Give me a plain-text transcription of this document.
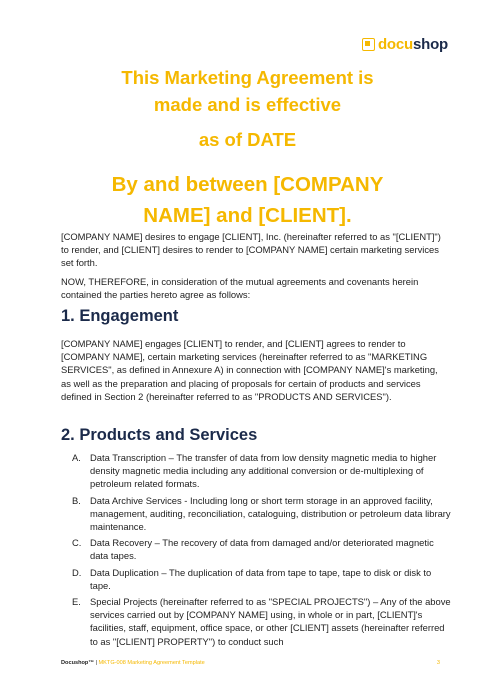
docushop
This Marketing Agreement is
made and is effective
as of DATE
By and between [COMPANY
NAME] and [CLIENT].

[COMPANY NAME] desires to engage [CLIENT], Inc. (hereinafter referred to as "[CLIENT]") to render, and [CLIENT] desires to render to [COMPANY NAME] certain marketing services set forth.

NOW, THEREFORE, in consideration of the mutual agreements and covenants herein contained the parties hereto agree as follows:

1. Engagement

[COMPANY NAME] engages [CLIENT] to render, and [CLIENT] agrees to render to [COMPANY NAME], certain marketing services (hereinafter referred to as "MARKETING SERVICES", as defined in Annexure A) in connection with [COMPANY NAME]'s marketing, as well as the preparation and placing of proposals for certain of products and services defined in Section 2 (hereinafter referred to as "PRODUCTS AND SERVICES").

2. Products and Services
A. Data Transcription – The transfer of data from low density magnetic media to higher density magnetic media including any additional conversion or de-multiplexing of petroleum related formats.
B. Data Archive Services - Including long or short term storage in an approved facility, management, auditing, reconciliation, cataloguing, distribution or petroleum data library maintenance.
C. Data Recovery – The recovery of data from damaged and/or deteriorated magnetic data tapes.
D. Data Duplication – The duplication of data from tape to tape, tape to disk or disk to tape.
E. Special Projects (hereinafter referred to as "SPECIAL PROJECTS") – Any of the above services carried out by [COMPANY NAME] using, in whole or in part, [CLIENT]'s facilities, staff, equipment, office space, or other [CLIENT] assets (hereinafter referred to as "[CLIENT] PROPERTY") to conduct such
Docushop™ | MKTG-008 Marketing Agreement Template	3
